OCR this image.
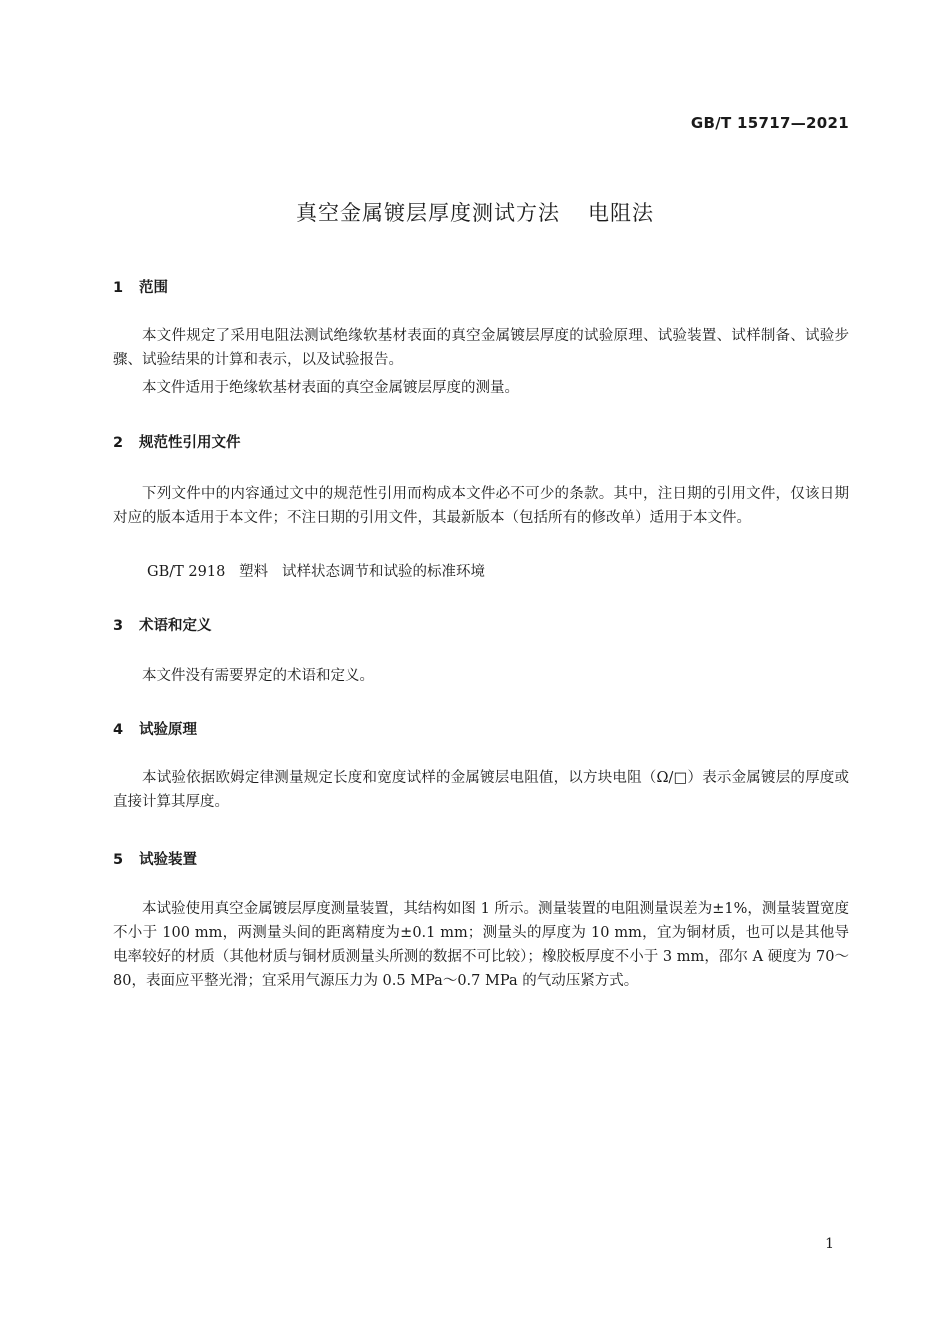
GB/T 15717—2021
真空金属镀层厚度测试方法 电阻法
1 范围
本文件规定了采用电阻法测试绝缘软基材表面的真空金属镀层厚度的试验原理、试验装置、试样制备、试验步骤、试验结果的计算和表示，以及试验报告。
本文件适用于绝缘软基材表面的真空金属镀层厚度的测量。
2 规范性引用文件
下列文件中的内容通过文中的规范性引用而构成本文件必不可少的条款。其中，注日期的引用文件，仅该日期对应的版本适用于本文件；不注日期的引用文件，其最新版本（包括所有的修改单）适用于本文件。
GB/T 2918 塑料 试样状态调节和试验的标准环境
3 术语和定义
本文件没有需要界定的术语和定义。
4 试验原理
本试验依据欧姆定律测量规定长度和宽度试样的金属镀层电阻值，以方块电阻（Ω/□）表示金属镀层的厚度或直接计算其厚度。
5 试验装置
本试验使用真空金属镀层厚度测量装置，其结构如图 1 所示。测量装置的电阻测量误差为±1%，测量装置宽度不小于 100 mm，两测量头间的距离精度为±0.1 mm；测量头的厚度为 10 mm，宜为铜材质，也可以是其他导电率较好的材质（其他材质与铜材质测量头所测的数据不可比较）；橡胶板厚度不小于 3 mm，邵尔 A 硬度为 70～80，表面应平整光滑；宜采用气源压力为 0.5 MPa～0.7 MPa 的气动压紧方式。
1
